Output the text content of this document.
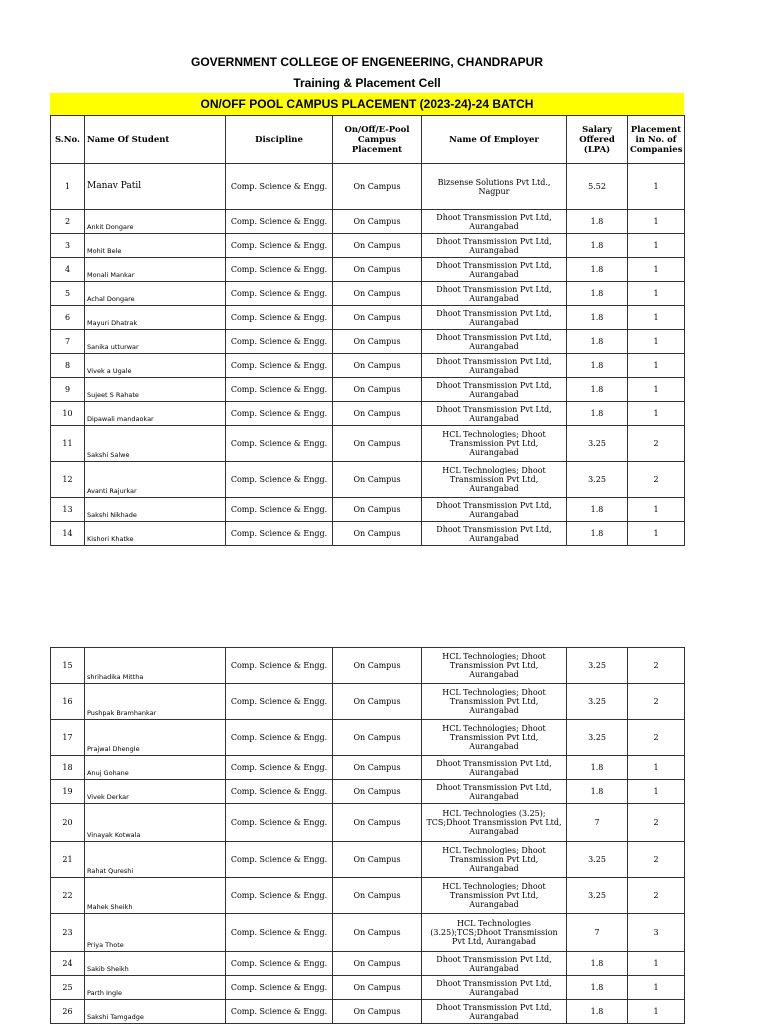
GOVERNMENT COLLEGE OF ENGENEERING, CHANDRAPUR
Training & Placement Cell
ON/OFF POOL CAMPUS PLACEMENT (2023-24)-24 BATCH
S.No.	Name Of Student	Discipline	On/Off/E-Pool Campus Placement	Name Of Employer	Salary Offered (LPA)	Placement in No. of Companies
1	Manav Patil	Comp. Science & Engg.	On Campus	Bizsense Solutions Pvt Ltd., Nagpur	5.52	1
2	Ankit Dongare	Comp. Science & Engg.	On Campus	Dhoot Transmission Pvt Ltd, Aurangabad	1.8	1
3	Mohit Bele	Comp. Science & Engg.	On Campus	Dhoot Transmission Pvt Ltd, Aurangabad	1.8	1
4	Monali Mankar	Comp. Science & Engg.	On Campus	Dhoot Transmission Pvt Ltd, Aurangabad	1.8	1
5	Achal Dongare	Comp. Science & Engg.	On Campus	Dhoot Transmission Pvt Ltd, Aurangabad	1.8	1
6	Mayuri Dhatrak	Comp. Science & Engg.	On Campus	Dhoot Transmission Pvt Ltd, Aurangabad	1.8	1
7	Sanika utturwar	Comp. Science & Engg.	On Campus	Dhoot Transmission Pvt Ltd, Aurangabad	1.8	1
8	Vivek a Ugale	Comp. Science & Engg.	On Campus	Dhoot Transmission Pvt Ltd, Aurangabad	1.8	1
9	Sujeet S Rahate	Comp. Science & Engg.	On Campus	Dhoot Transmission Pvt Ltd, Aurangabad	1.8	1
10	Dipawali mandaokar	Comp. Science & Engg.	On Campus	Dhoot Transmission Pvt Ltd, Aurangabad	1.8	1
11	Sakshi Salwe	Comp. Science & Engg.	On Campus	HCL Technologies; Dhoot Transmission Pvt Ltd, Aurangabad	3.25	2
12	Avanti Rajurkar	Comp. Science & Engg.	On Campus	HCL Technologies; Dhoot Transmission Pvt Ltd, Aurangabad	3.25	2
13	Sakshi Nikhade	Comp. Science & Engg.	On Campus	Dhoot Transmission Pvt Ltd, Aurangabad	1.8	1
14	Kishori Khatke	Comp. Science & Engg.	On Campus	Dhoot Transmission Pvt Ltd, Aurangabad	1.8	1
15	shrihadika Mittha	Comp. Science & Engg.	On Campus	HCL Technologies; Dhoot Transmission Pvt Ltd, Aurangabad	3.25	2
16	Pushpak Bramhankar	Comp. Science & Engg.	On Campus	HCL Technologies; Dhoot Transmission Pvt Ltd, Aurangabad	3.25	2
17	Prajwal Dhengle	Comp. Science & Engg.	On Campus	HCL Technologies; Dhoot Transmission Pvt Ltd, Aurangabad	3.25	2
18	Anuj Gohane	Comp. Science & Engg.	On Campus	Dhoot Transmission Pvt Ltd, Aurangabad	1.8	1
19	Vivek Derkar	Comp. Science & Engg.	On Campus	Dhoot Transmission Pvt Ltd, Aurangabad	1.8	1
20	Vinayak Kotwala	Comp. Science & Engg.	On Campus	HCL Technologies (3.25); TCS;Dhoot Transmission Pvt Ltd, Aurangabad	7	2
21	Rahat Qureshi	Comp. Science & Engg.	On Campus	HCL Technologies; Dhoot Transmission Pvt Ltd, Aurangabad	3.25	2
22	Mahek Sheikh	Comp. Science & Engg.	On Campus	HCL Technologies; Dhoot Transmission Pvt Ltd, Aurangabad	3.25	2
23	Priya Thote	Comp. Science & Engg.	On Campus	HCL Technologies (3.25);TCS;Dhoot Transmission Pvt Ltd, Aurangabad	7	3
24	Sakib Sheikh	Comp. Science & Engg.	On Campus	Dhoot Transmission Pvt Ltd, Aurangabad	1.8	1
25	Parth Ingle	Comp. Science & Engg.	On Campus	Dhoot Transmission Pvt Ltd, Aurangabad	1.8	1
26	Sakshi Tamgadge	Comp. Science & Engg.	On Campus	Dhoot Transmission Pvt Ltd, Aurangabad	1.8	1
